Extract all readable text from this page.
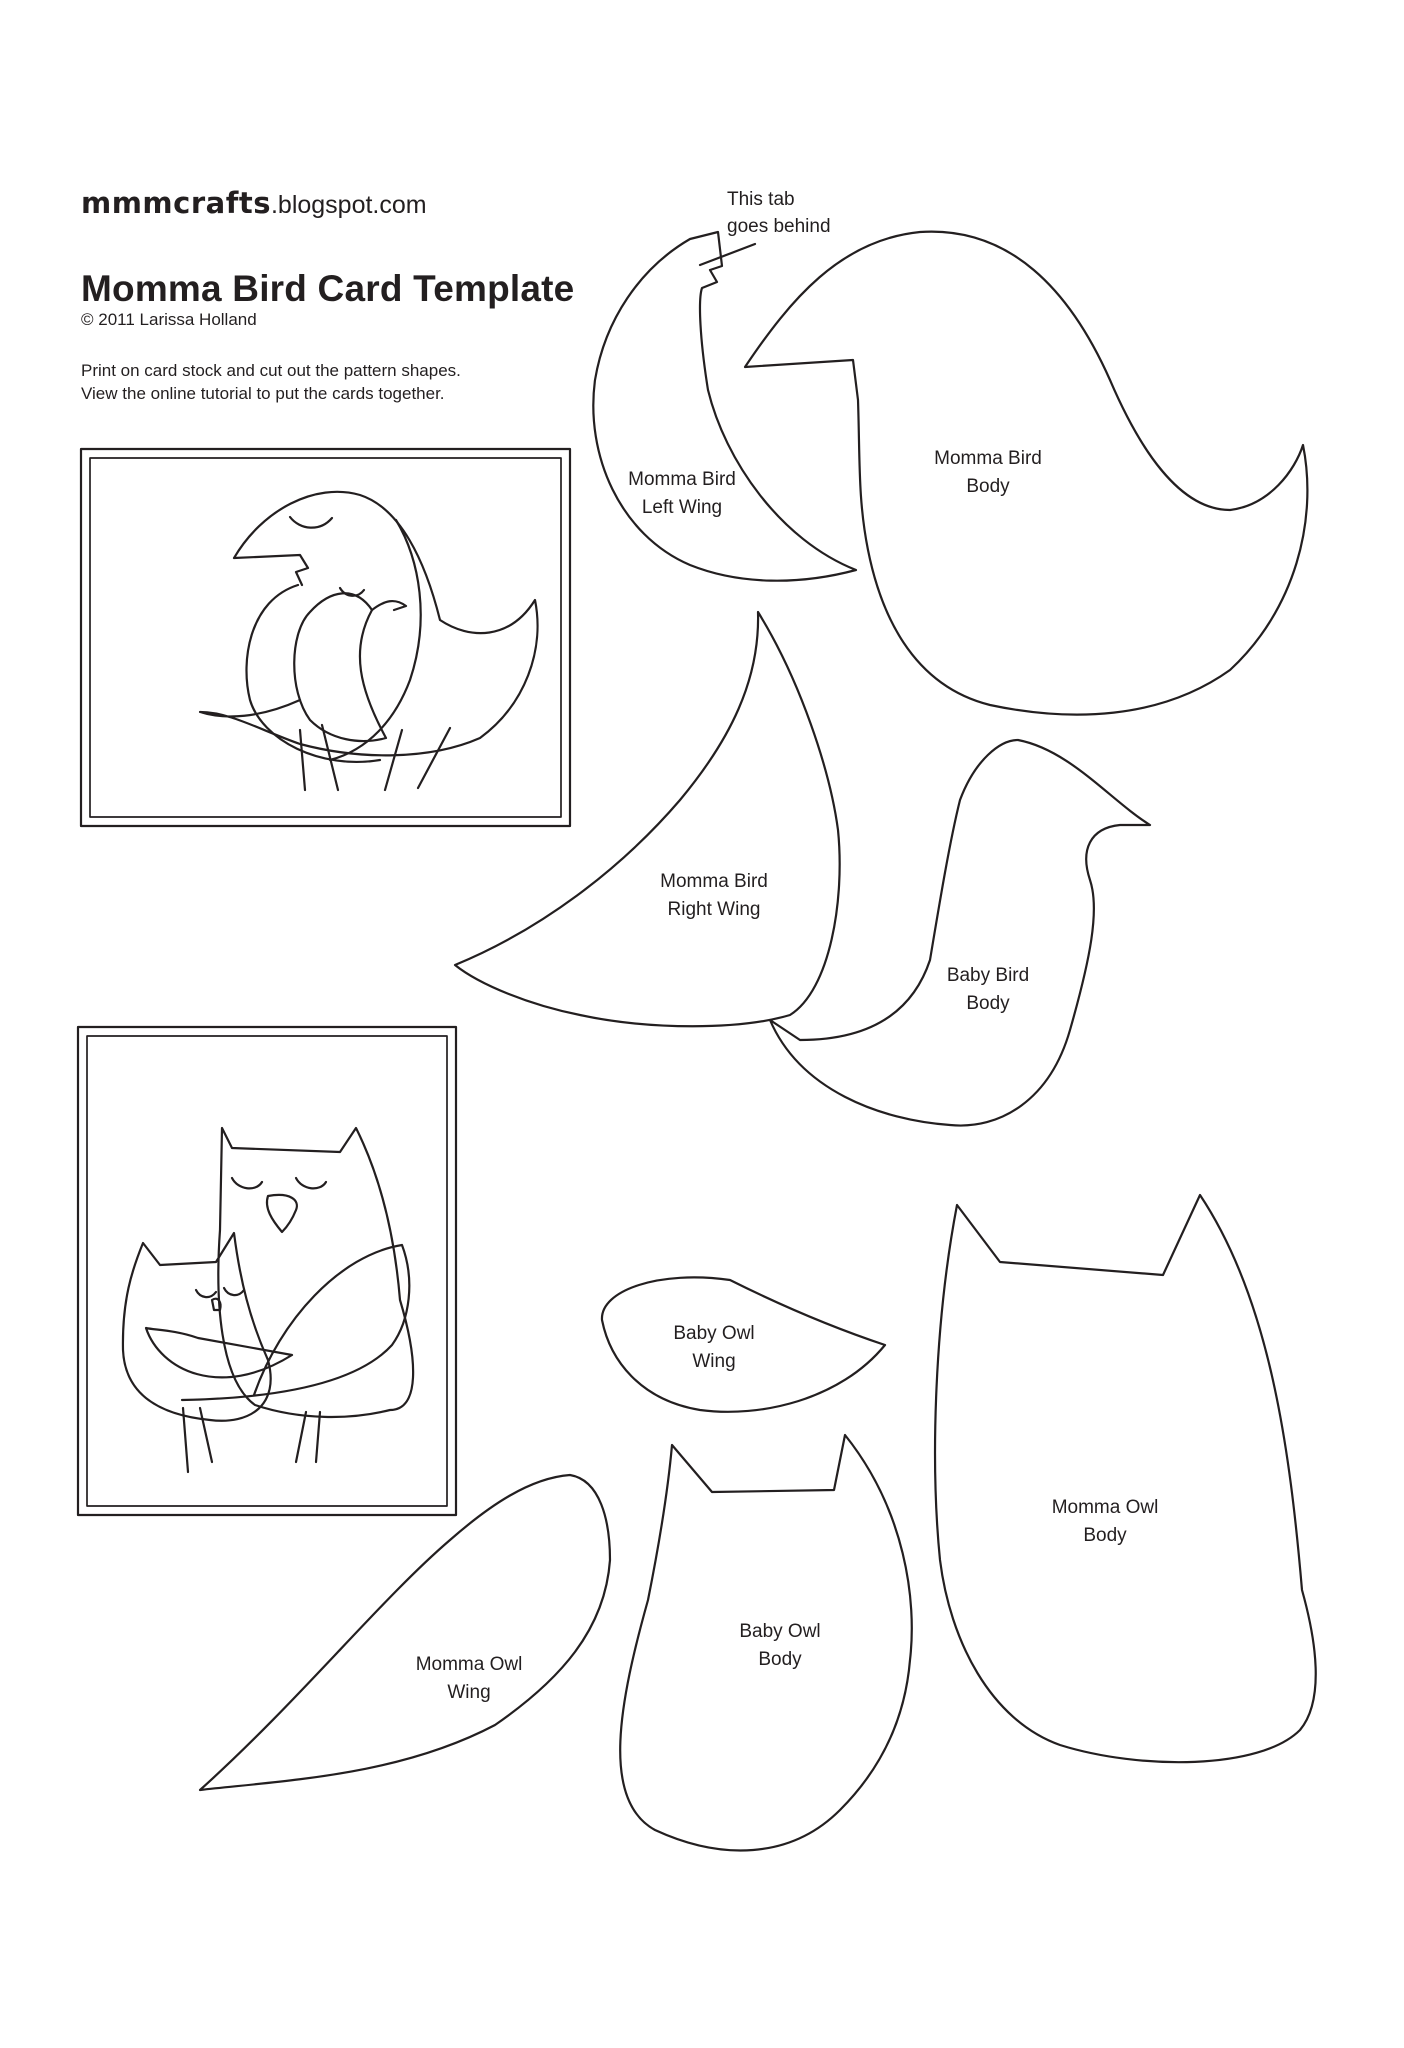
mmmcrafts.blogspot.com
Momma Bird Card Template
© 2011 Larissa Holland
Print on card stock and cut out the pattern shapes.
View the online tutorial to put the cards together.
This tab
goes behind
Momma Bird
Left Wing
Momma Bird
Body
Momma Bird
Right Wing
Baby Bird
Body
Baby Owl
Wing
Momma Owl
Body
Momma Owl
Wing
Baby Owl
Body
